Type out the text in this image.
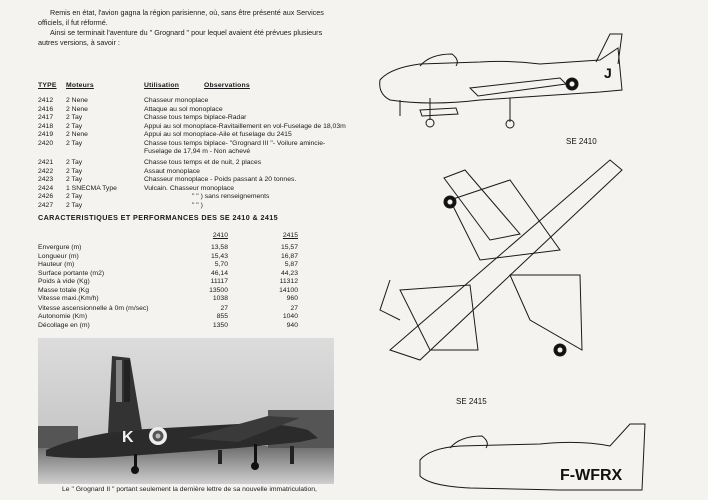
Remis en état, l'avion gagna la région parisienne, où, sans être présenté aux Services officiels, il fut réformé.

Ainsi se terminait l'aventure du " Grognard " pour lequel avaient été prévues plusieurs autres versions, à savoir :

TYPE Moteurs	Utilisation	Observations
2412 2 Nene	Chasseur monoplace
2416 2 Nene	Attaque au sol monoplace
2417 2 Tay	Chasse tous temps biplace-Radar
2418 2 Tay	Appui au sol monoplace-Ravitaillement en vol-Fuselage de 18,03m
2419 2 Nene	Appui au sol monoplace-Aile et fuselage du 2415
2420 2 Tay	Chasse tous temps biplace- "Grognard III "- Voilure amincie-
Fuselage de 17,94 m - Non achevé
2421 2 Tay	Chasse tous temps et de nuit, 2 places
2422 2 Tay	Assaut monoplace
2423 2 Tay	Chasseur monoplace - Poids passant à 20 tonnes.
2424 1 SNECMA Type	Vulcain. Chasseur monoplace
2426 2 Tay	" " ) sans renseignements
2427 2 Tay	" " )
CARACTERISTIQUES ET PERFORMANCES DES SE 2410 & 2415
2410	2415
Envergure (m)	13,58	15,57
Longueur (m)	15,43	16,87
Hauteur (m)	5,70	5,87
Surface portante (m2)	46,14	44,23
Poids à vide (Kg)	11117	11312
Masse totale (Kg	13500	14100
Vitesse maxi.(Km/h)	1038	960
Vitesse ascensionnelle à 0m (m/sec)	27	27
Autonomie (Km)	855	1040
Décollage en (m)	1350	940
K
Le " Grognard II " portant seulement la dernière lettre de sa nouvelle immatriculation,
J
SE 2410
SE 2415
F-WFRX
